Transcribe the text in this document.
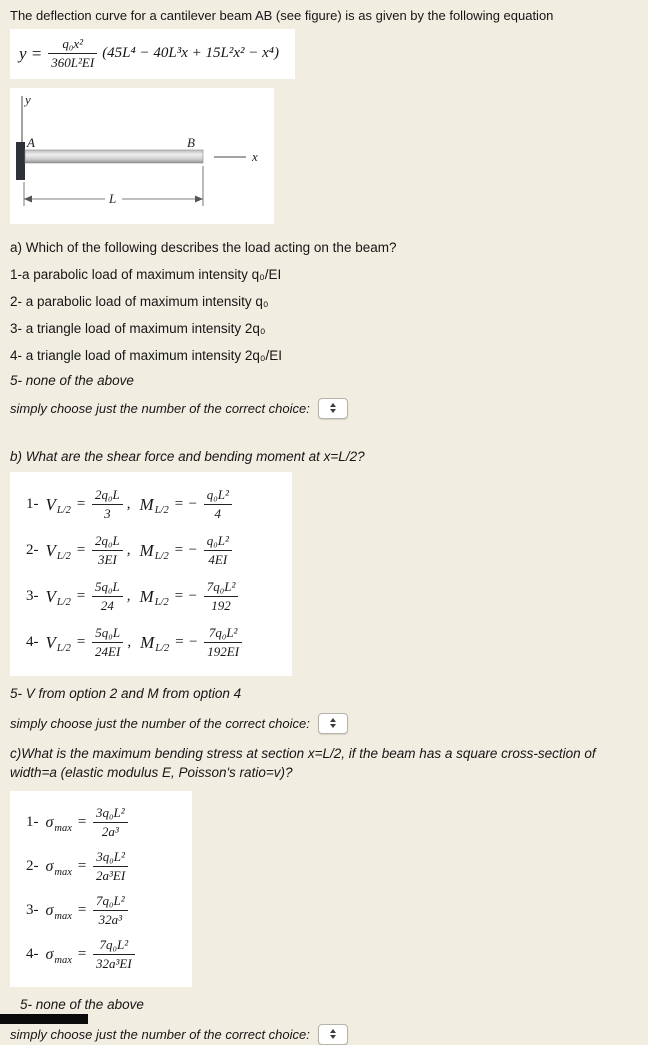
The deflection curve for a cantilever beam AB (see figure) is as given by the following equation

$y = \frac{\text{q₀x²}}{\text{360L²EI}} (45L^4 - 40L^3x + 15L^2x^2 - x^4)$
y
A	B
x
L

a) Which of the following describes the load acting on the beam?

1-a parabolic load of maximum intensity q₀/EI

2- a parabolic load of maximum intensity q₀

3- a triangle load of maximum intensity 2q₀

4- a triangle load of maximum intensity 2q₀/EI

5- none of the above

simply choose just the number of the correct choice:

b) What are the shear force and bending moment at x=L/2?

1- $V_{L/2} = \frac{\text{2q₀L}}{3}$ , $M_{L/2}$ = − $\frac{\text{q₀L²}}{4}$
2- $V_{L/2} = \frac{\text{2q₀L}}{3EI}$ , $M_{L/2}$ = − $\frac{\text{q₀L²}}{4EI}$
3- $V_{L/2} = \frac{\text{5q₀L}}{24}$ , $M_{L/2}$ = − $\frac{\text{7q₀L²}}{192}$
4- $V_{L/2} = \frac{\text{5q₀L}}{24EI}$ , $M_{L/2}$ = − $\frac{\text{7q₀L²}}{192EI}$

5- V from option 2 and M from option 4

simply choose just the number of the correct choice:

c)What is the maximum bending stress at section x=L/2, if the beam has a square cross-section of width=a (elastic modulus E, Poisson's ratio=v)?

1- $\sigma_{max} = \frac{\text{3q₀L²}}{\text{2a³}}$
2- $\sigma_{max} = \frac{\text{3q₀L²}}{\text{2a³EI}}$
3- $\sigma_{max} = \frac{\text{7q₀L²}}{\text{32a³}}$
4- $\sigma_{max} = \frac{\text{7q₀L²}}{\text{32a³EI}}$

5- none of the above

simply choose just the number of the correct choice:
